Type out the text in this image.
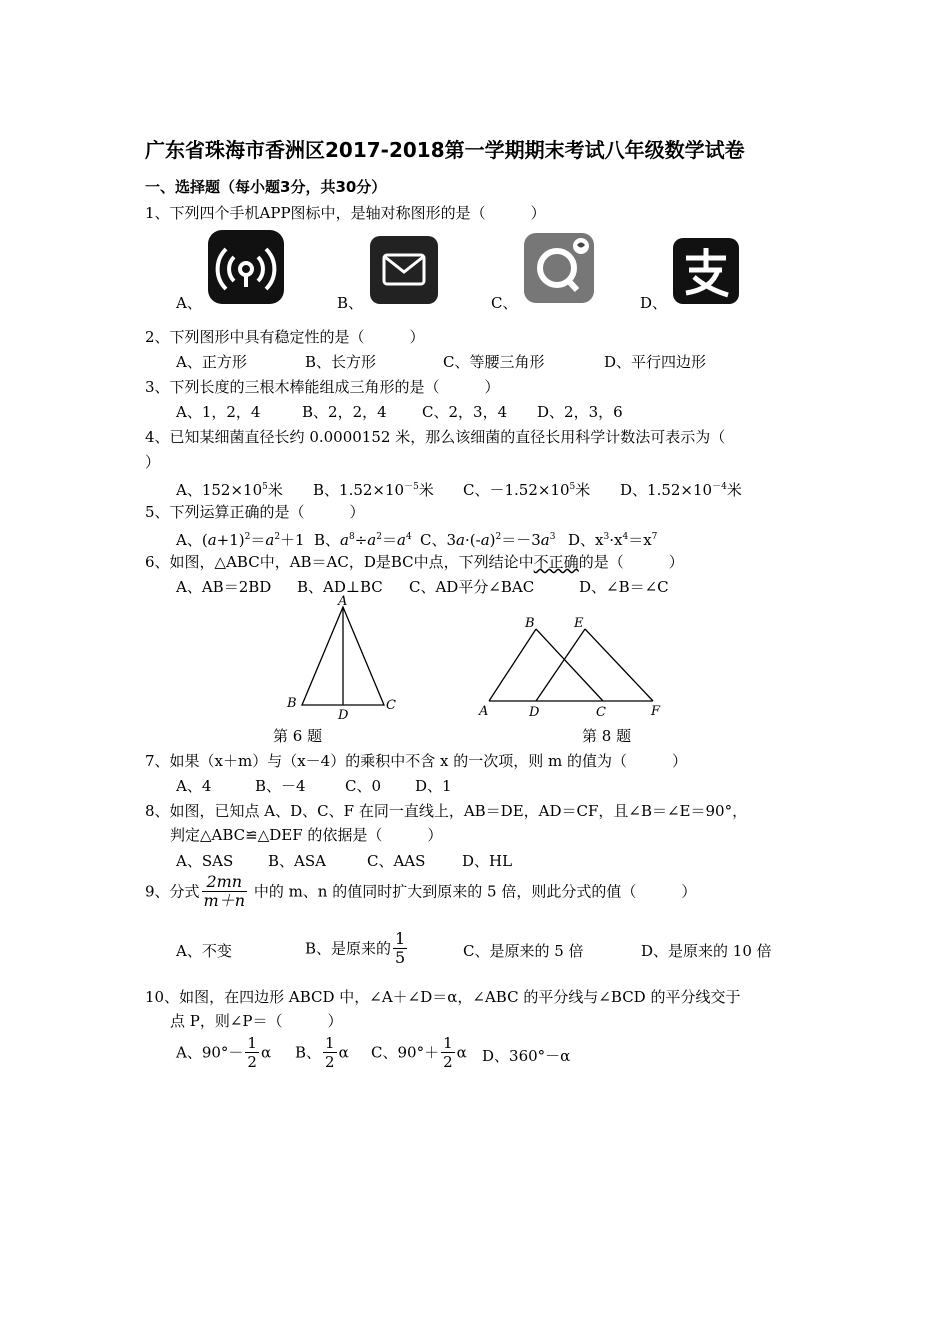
广东省珠海市香洲区2017-2018第一学期期末考试八年级数学试卷
一、选择题（每小题3分，共30分）
1、下列四个手机APP图标中，是轴对称图形的是（　　　）
A、	B、	C、	D、
2、下列图形中具有稳定性的是（　　　）
A、正方形	B、长方形	C、等腰三角形	D、平行四边形
3、下列长度的三根木棒能组成三角形的是（　　　）
A、1，2，4	B、2，2，4 C、2，3，4 D、2，3，6
4、已知某细菌直径长约 0.0000152 米，那么该细菌的直径长用科学计数法可表示为（
）
A、$152\times 10^5$米 B、$1.52\times 10^{-5}$米 C、$-1.52\times 10^5$米 D、$1.52\times 10^{-4}$米
5、下列运算正确的是（　　　）
A、$(a+1)^2=a^2+1$ B、$a^8\div a^2=a^4$ C、$3a\cdot(-a)^2=-3a^3$ D、$x^3\cdot x^4=x^7$
6、如图，△ABC中，AB＝AC，D是BC中点，下列结论中不正确的是（　　　）
A、AB＝2BD B、AD⊥BC C、AD平分∠BAC	D、∠B＝∠C
A
B
D
C
第 6 题
B	E
A	D	C	F
第 8 题
7、如果（x＋m）与（x－4）的乘积中不含 x 的一次项，则 m 的值为（　　　）
A、4	B、－4	C、0 D、1
8、如图，已知点 A、D、C、F 在同一直线上，AB＝DE，AD＝CF，且∠B＝∠E＝90°，
判定△ABC≌△DEF 的依据是（　　　）
A、SAS B、ASA	C、AAS D、HL
9、分式 $\frac{2mn}{m+n}$ 中的 m、n 的值同时扩大到原来的 5 倍，则此分式的值（　　　）
A、不变	B、是原来的 $\frac{1}{5}$	C、是原来的 5 倍	D、是原来的 10 倍
10、如图，在四边形 ABCD 中，∠A＋∠D＝α，∠ABC 的平分线与∠BCD 的平分线交于
点 P，则∠P＝（　　　）
A、$90^\circ- \frac{1}{2}$ α B、 $\frac{1}{2}$ α C、$90^\circ+ \frac{1}{2}$ α D、360°－α
